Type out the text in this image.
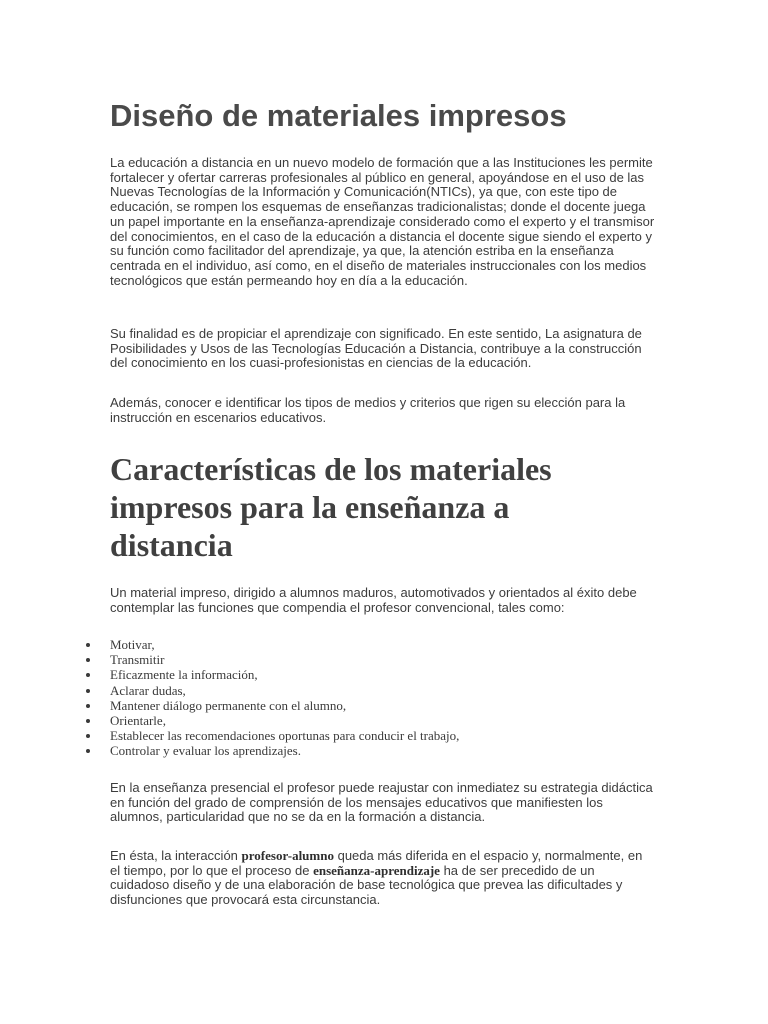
Diseño de materiales impresos

La educación a distancia en un nuevo modelo de formación que a las Instituciones les permite fortalecer y ofertar carreras profesionales al público en general, apoyándose en el uso de las Nuevas Tecnologías de la Información y Comunicación(NTICs), ya que, con este tipo de educación, se rompen los esquemas de enseñanzas tradicionalistas; donde el docente juega un papel importante en la enseñanza-aprendizaje considerado como el experto y el transmisor del conocimientos, en el caso de la educación a distancia el docente sigue siendo el experto y su función como facilitador del aprendizaje, ya que, la atención estriba en la enseñanza centrada en el individuo, así como, en el diseño de materiales instruccionales con los medios tecnológicos que están permeando hoy en día a la educación.

Su finalidad es de propiciar el aprendizaje con significado. En este sentido, La asignatura de Posibilidades y Usos de las Tecnologías Educación a Distancia, contribuye a la construcción del conocimiento en los cuasi-profesionistas en ciencias de la educación.

Además, conocer e identificar los tipos de medios y criterios que rigen su elección para la instrucción en escenarios educativos.

Características de los materiales impresos para la enseñanza a distancia

Un material impreso, dirigido a alumnos maduros, automotivados y orientados al éxito debe contemplar las funciones que compendia el profesor convencional, tales como:

Motivar,
Transmitir
Eficazmente la información,
Aclarar dudas,
Mantener diálogo permanente con el alumno,
Orientarle,
Establecer las recomendaciones oportunas para conducir el trabajo,
Controlar y evaluar los aprendizajes.

En la enseñanza presencial el profesor puede reajustar con inmediatez su estrategia didáctica en función del grado de comprensión de los mensajes educativos que manifiesten los alumnos, particularidad que no se da en la formación a distancia.

En ésta, la interacción profesor-alumno queda más diferida en el espacio y, normalmente, en el tiempo, por lo que el proceso de enseñanza-aprendizaje ha de ser precedido de un cuidadoso diseño y de una elaboración de base tecnológica que prevea las dificultades y disfunciones que provocará esta circunstancia.
